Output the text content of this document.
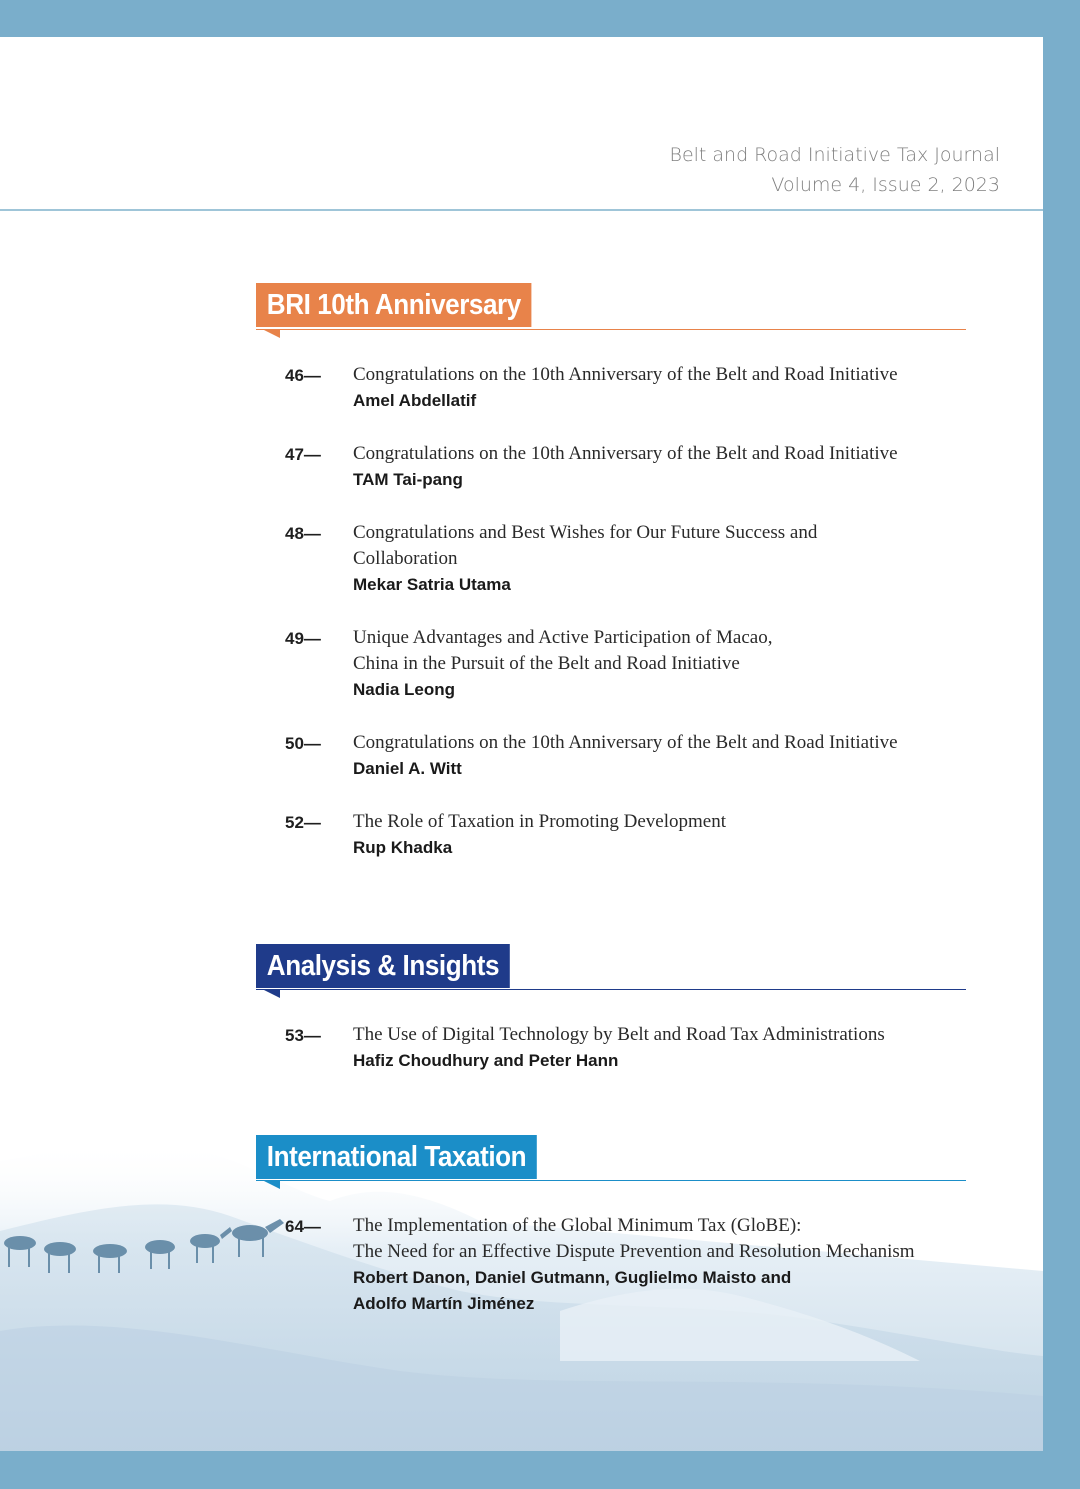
Belt and Road Initiative Tax Journal
Volume 4, Issue 2, 2023
BRI 10th Anniversary
46— Congratulations on the 10th Anniversary of the Belt and Road Initiative
Amel Abdellatif
47— Congratulations on the 10th Anniversary of the Belt and Road Initiative
TAM Tai-pang
48— Congratulations and Best Wishes for Our Future Success and
Collaboration
Mekar Satria Utama
49— Unique Advantages and Active Participation of Macao,
China in the Pursuit of the Belt and Road Initiative
Nadia Leong
50— Congratulations on the 10th Anniversary of the Belt and Road Initiative
Daniel A. Witt
52— The Role of Taxation in Promoting Development
Rup Khadka
Analysis & Insights
53— The Use of Digital Technology by Belt and Road Tax Administrations
Hafiz Choudhury and Peter Hann
International Taxation
64— The Implementation of the Global Minimum Tax (GloBE):
The Need for an Effective Dispute Prevention and Resolution Mechanism
Robert Danon, Daniel Gutmann, Guglielmo Maisto and
Adolfo Martín Jiménez
